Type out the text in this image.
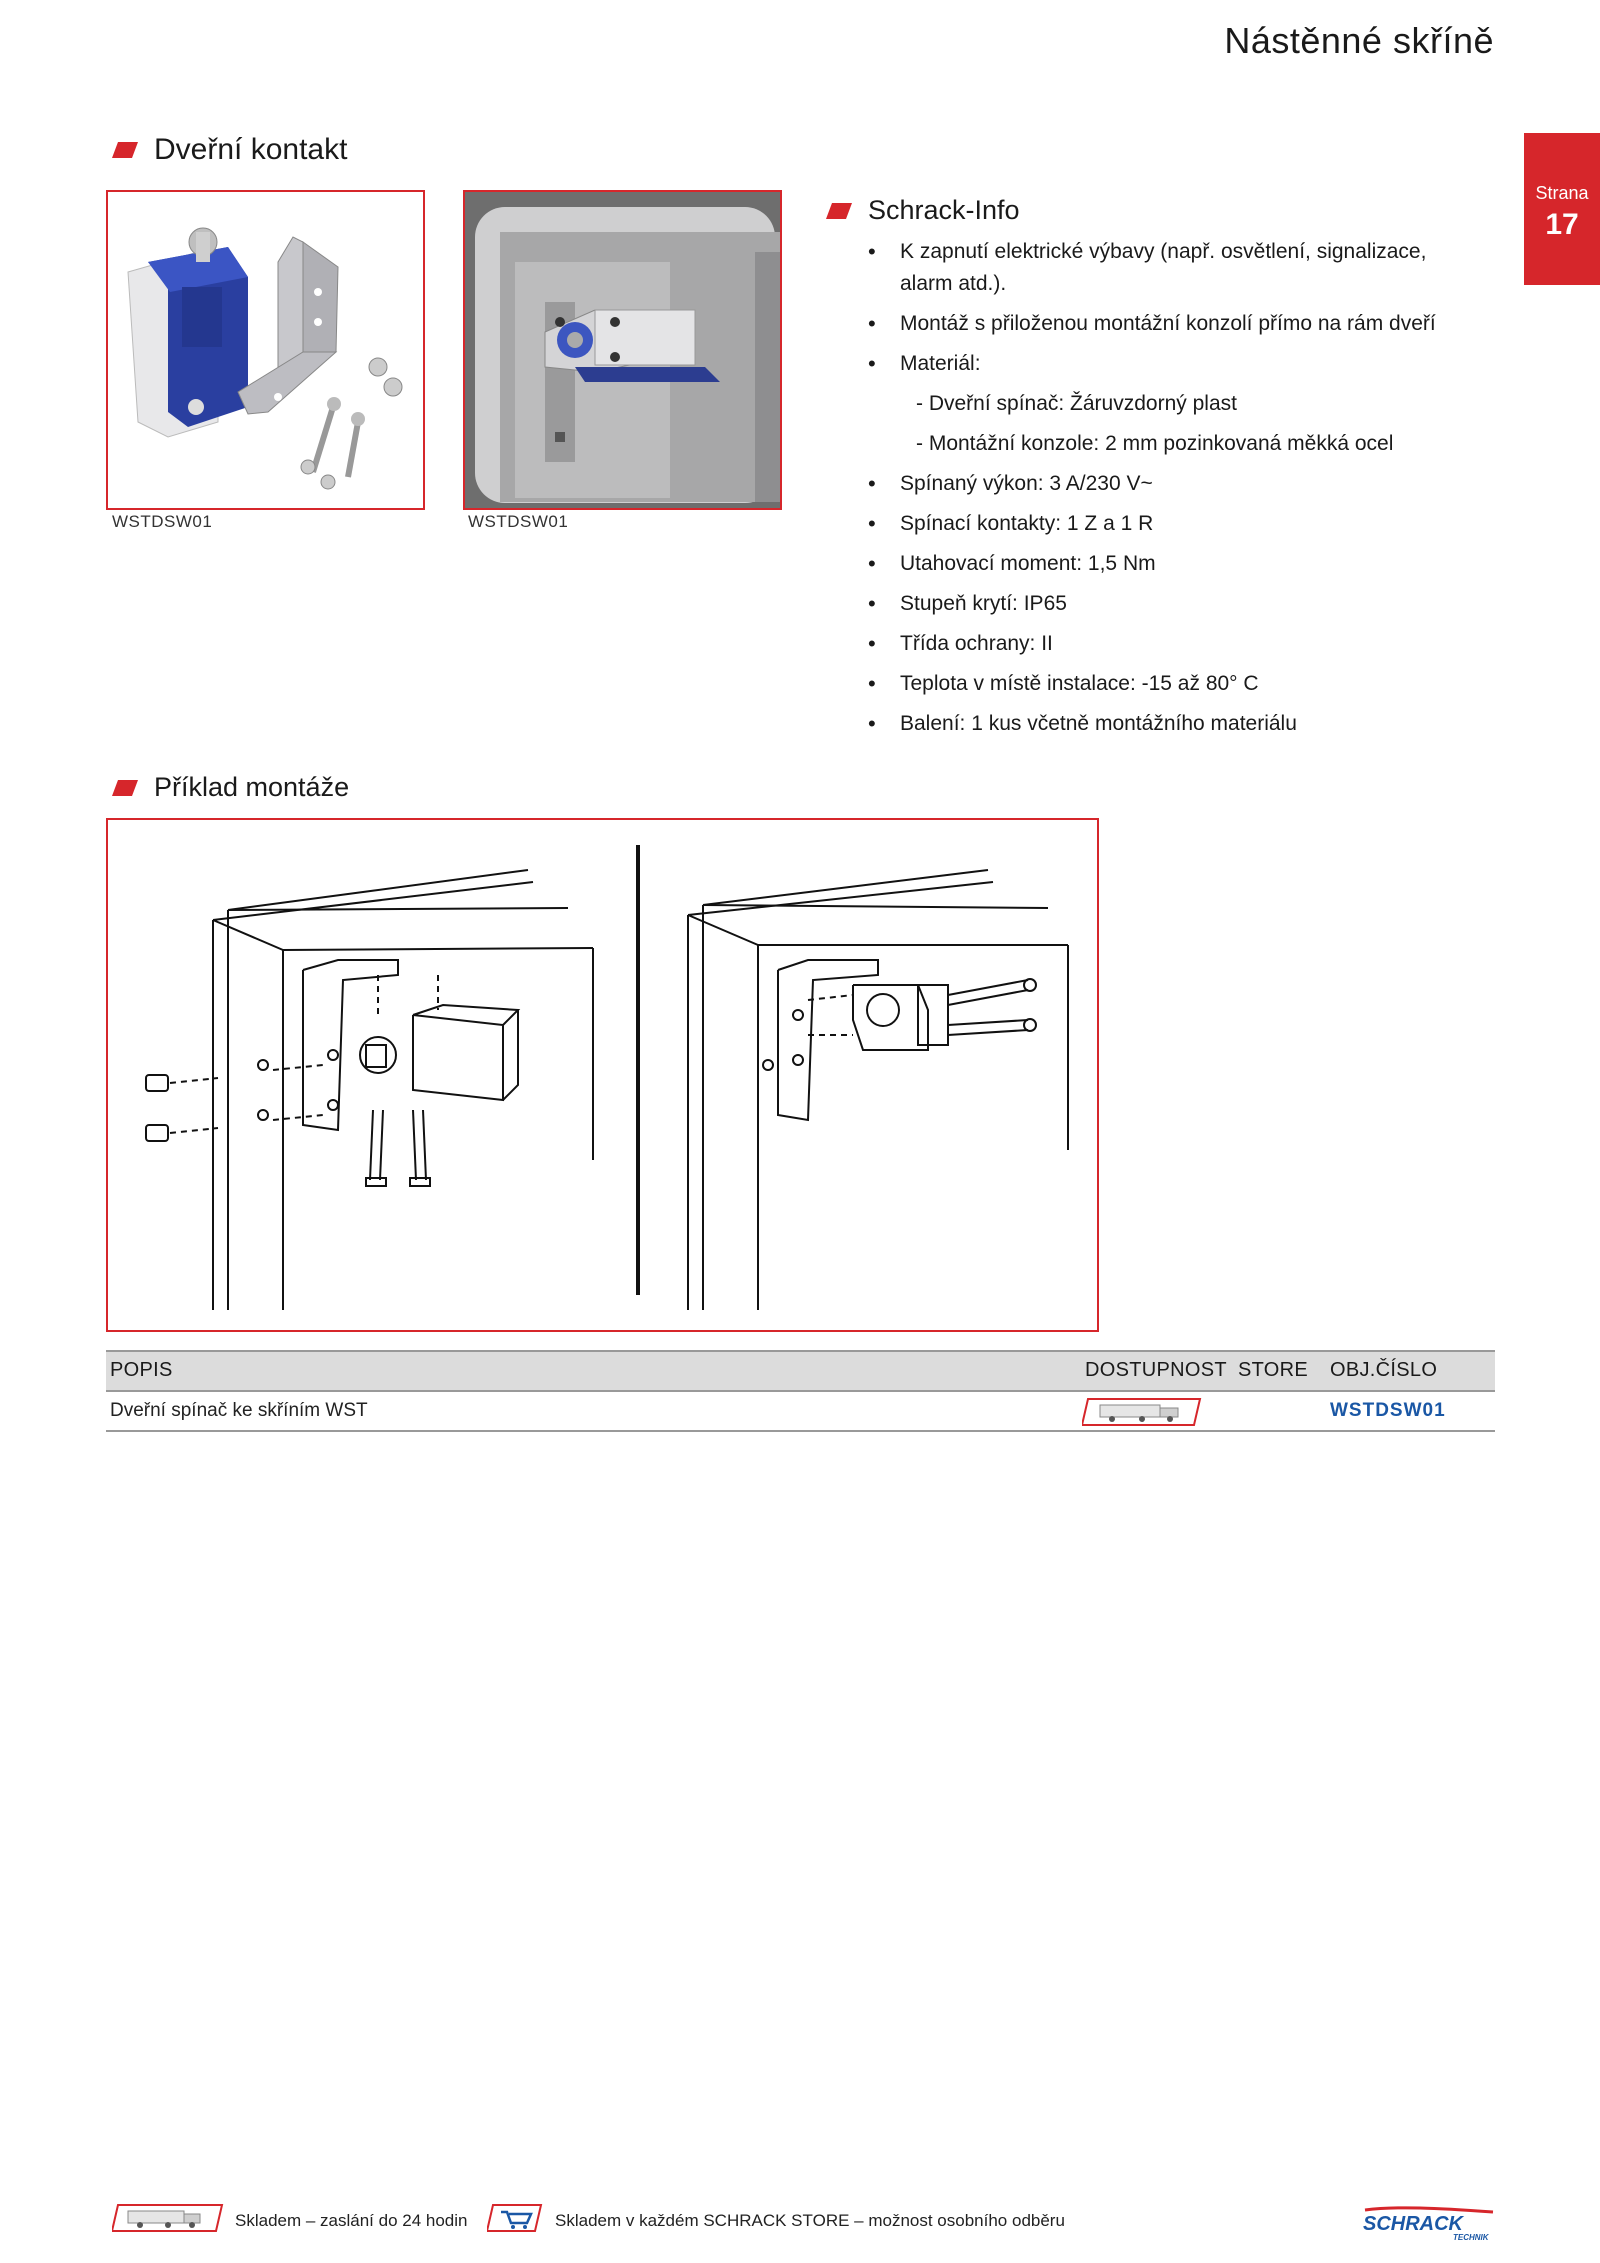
Nástěnné skříně
Strana
17
Dveřní kontakt
WSTDSW01	WSTDSW01
Schrack-Info
• K zapnutí elektrické výbavy (např. osvětlení, signalizace, alarm atd.).
• Montáž s přiloženou montážní konzolí přímo na rám dveří
• Materiál:
- Dveřní spínač: Žáruvzdorný plast
- Montážní konzole: 2 mm pozinkovaná měkká ocel
• Spínaný výkon: 3 A/230 V~
• Spínací kontakty: 1 Z a 1 R
• Utahovací moment: 1,5 Nm
• Stupeň krytí: IP65
• Třída ochrany: II
• Teplota v místě instalace: -15 až 80° C
• Balení: 1 kus včetně montážního materiálu
Příklad montáže
POPIS	DOSTUPNOST STORE OBJ.ČÍSLO
Dveřní spínač ke skříním WST	WSTDSW01
Skladem – zaslání do 24 hodin	Skladem v každém SCHRACK STORE – možnost osobního odběru	SCHRACK
TECHNIK
